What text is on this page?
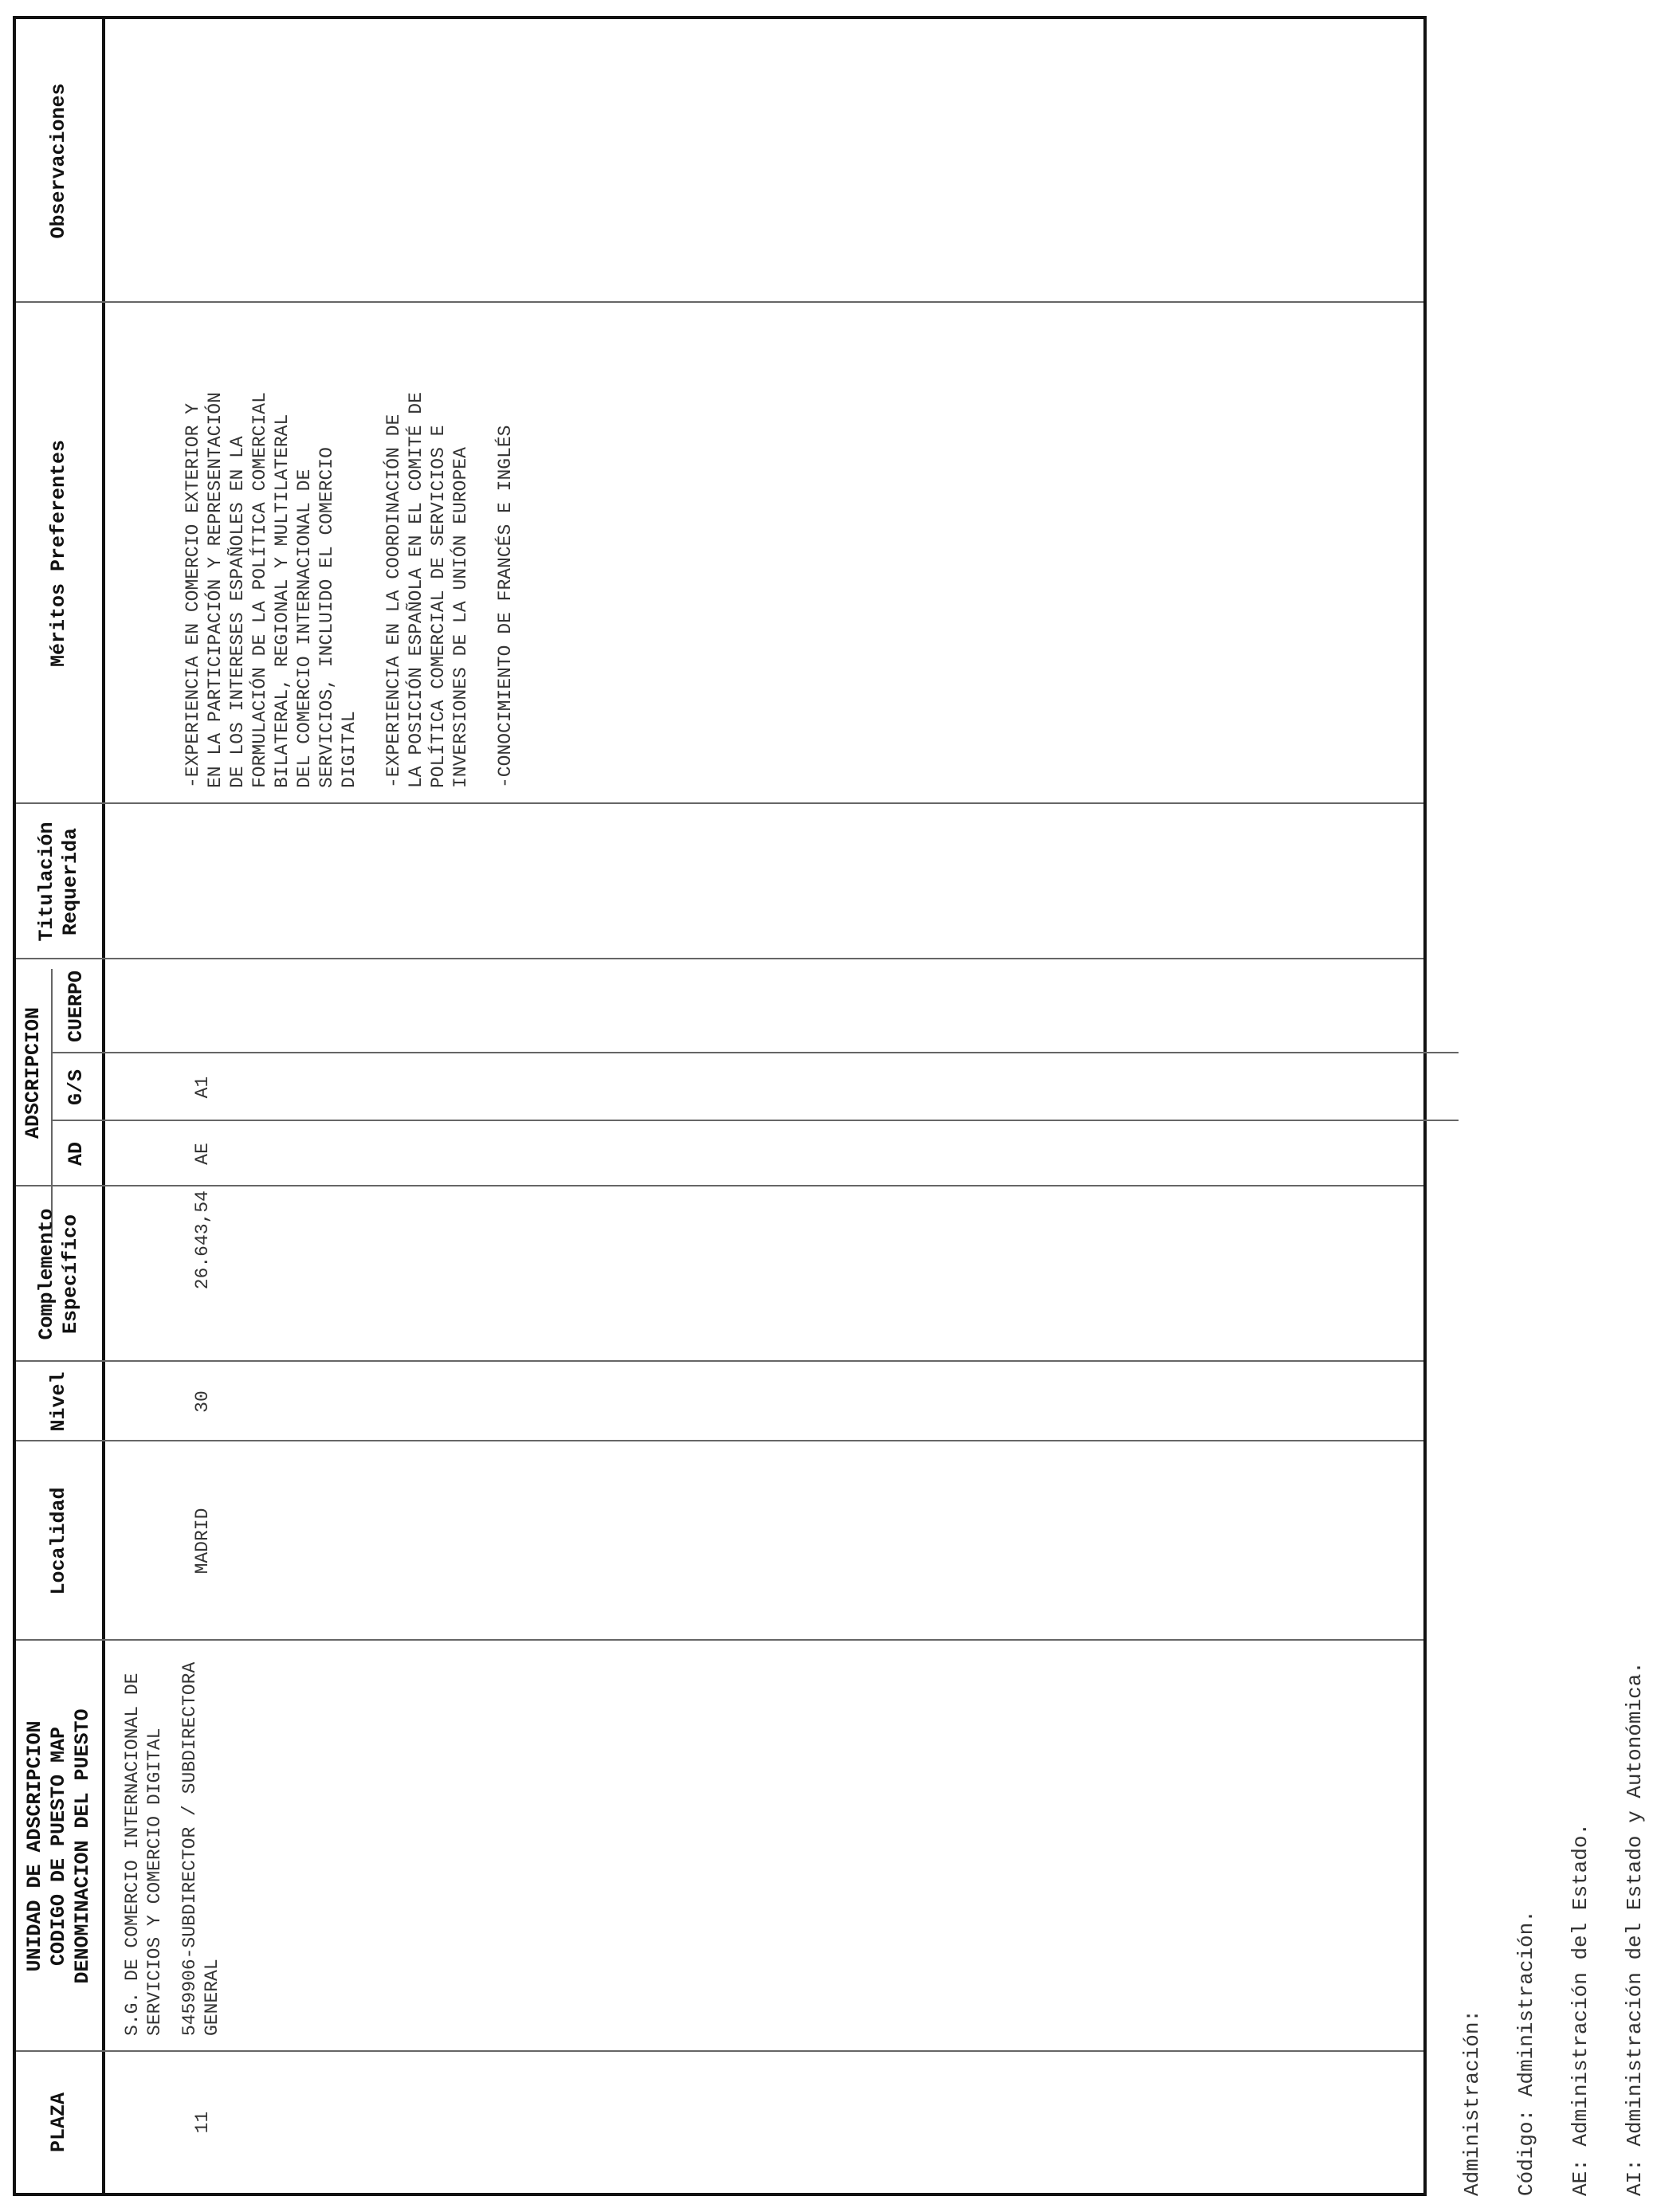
PLAZA
UNIDAD DE ADSCRIPCION CODIGO DE PUESTO MAP DENOMINACION DEL PUESTO
Localidad
Nivel
Complemento Específico
ADSCRIPCION
AD
G/S
CUERPO
Titulación Requerida
Méritos Preferentes
Observaciones
11
S.G. DE COMERCIO INTERNACIONAL DE
SERVICIOS Y COMERCIO DIGITAL
5459906-SUBDIRECTOR / SUBDIRECTORA
GENERAL
MADRID
30
26.643,54
AE
A1
-EXPERIENCIA EN COMERCIO EXTERIOR Y
EN LA PARTICIPACIÓN Y REPRESENTACIÓN
DE LOS INTERESES ESPAÑOLES EN LA
FORMULACIÓN DE LA POLÍTICA COMERCIAL
BILATERAL, REGIONAL Y MULTILATERAL
DEL COMERCIO INTERNACIONAL DE
SERVICIOS, INCLUIDO EL COMERCIO
DIGITAL

-EXPERIENCIA EN LA COORDINACIÓN DE
LA POSICIÓN ESPAÑOLA EN EL COMITÉ DE
POLÍTICA COMERCIAL DE SERVICIOS E
INVERSIONES DE LA UNIÓN EUROPEA

-CONOCIMIENTO DE FRANCÉS E INGLÉS
Administración: Código: Administración. AE: Administración del Estado. AI: Administración del Estado y Autonómica.
